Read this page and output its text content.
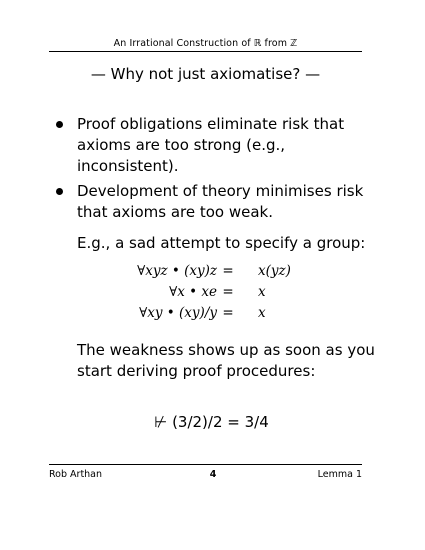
An Irrational Construction of ℝ from ℤ
— Why not just axiomatise? —
Proof obligations eliminate risk that axioms are too strong (e.g., inconsistent).
Development of theory minimises risk that axioms are too weak.
E.g., a sad attempt to specify a group:
∀xyz • (xy)z =	x(yz)
∀x • xe =	x
∀xy • (xy)/y =	x
The weakness shows up as soon as you start deriving proof procedures:
⊬ (3/2)/2 = 3/4
Rob Arthan	4	Lemma 1
